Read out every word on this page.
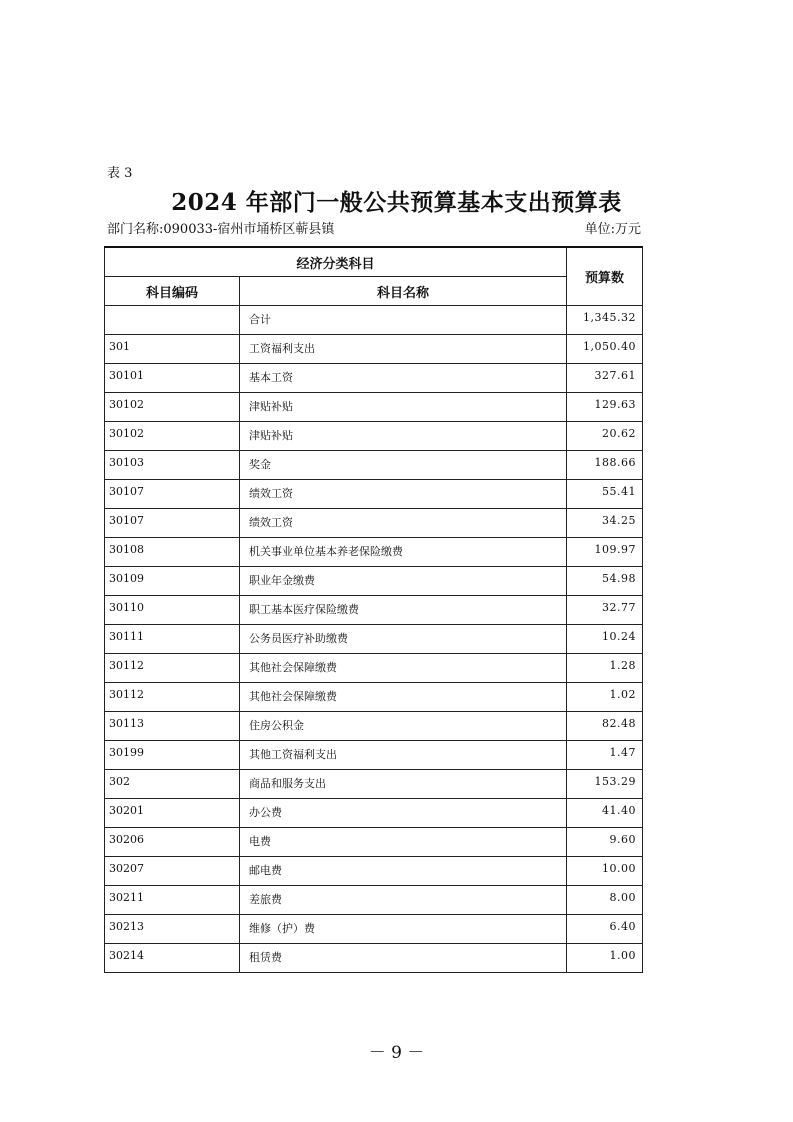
表 3
2024 年部门一般公共预算基本支出预算表
部门名称:090033-宿州市埇桥区蕲县镇	单位:万元
经济分类科目		预算数
科目编码	科目名称	
	合计	1,345.32
301	工资福利支出	1,050.40
30101	基本工资	327.61
30102	津贴补贴	129.63
30102	津贴补贴	20.62
30103	奖金	188.66
30107	绩效工资	55.41
30107	绩效工资	34.25
30108	机关事业单位基本养老保险缴费	109.97
30109	职业年金缴费	54.98
30110	职工基本医疗保险缴费	32.77
30111	公务员医疗补助缴费	10.24
30112	其他社会保障缴费	1.28
30112	其他社会保障缴费	1.02
30113	住房公积金	82.48
30199	其他工资福利支出	1.47
302	商品和服务支出	153.29
30201	办公费	41.40
30206	电费	9.60
30207	邮电费	10.00
30211	差旅费	8.00
30213	维修（护）费	6.40
30214	租赁费	1.00
－ 9 －
